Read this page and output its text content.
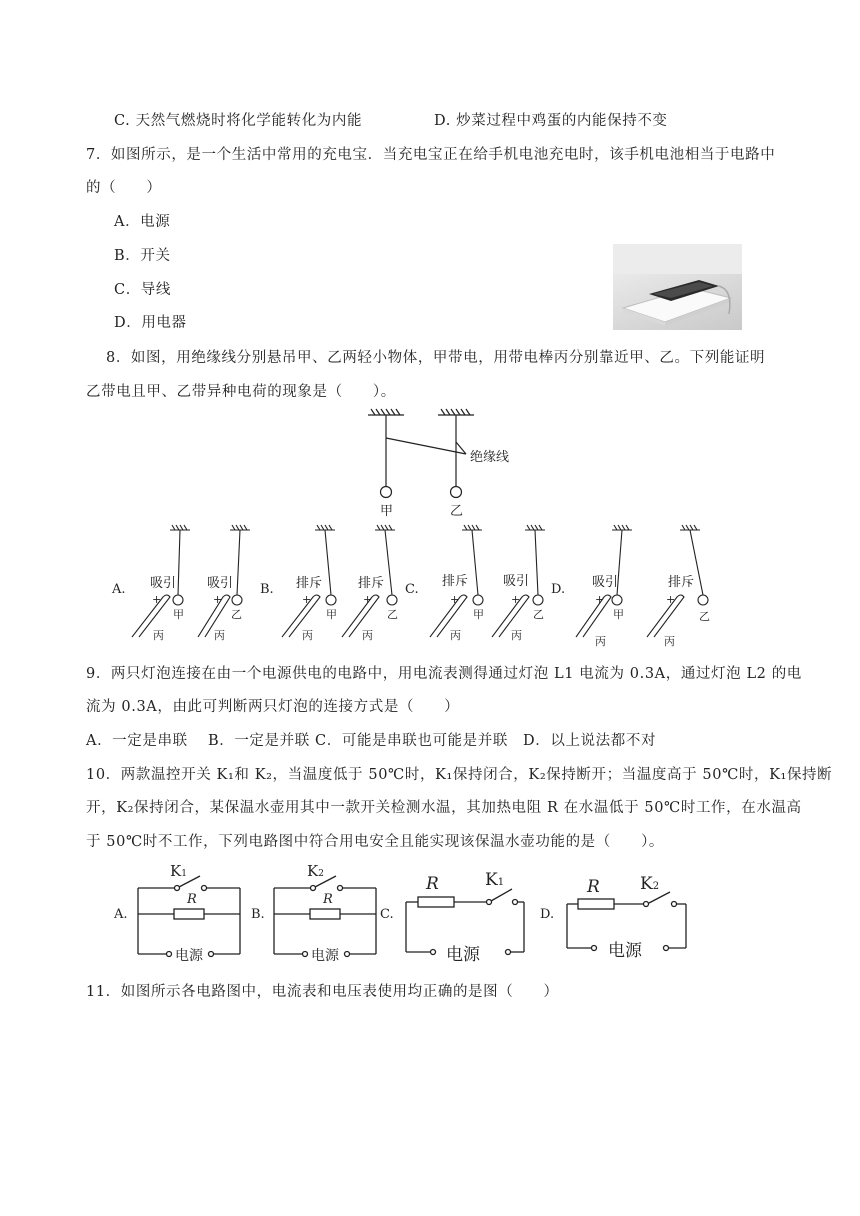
C. 天然气燃烧时将化学能转化为内能	D. 炒菜过程中鸡蛋的内能保持不变
7．如图所示，是一个生活中常用的充电宝．当充电宝正在给手机电池充电时，该手机电池相当于电路中
的（　　）
A．电源
B．开关
C．导线
D．用电器
8．如图，用绝缘线分别悬吊甲、乙两轻小物体，甲带电，用带电棒丙分别靠近甲、乙。下列能证明
乙带电且甲、乙带异种电荷的现象是（　　）。
绝缘线
甲	乙
A.	B.	C.	D.
吸引 吸引	排斥	排斥	排斥	吸引	吸引	排斥
+	+	+	+	+	+	+	+
甲	乙	甲	乙	甲	乙	甲	乙
丙	丙	丙	丙	丙	丙	丙	丙
9．两只灯泡连接在由一个电源供电的电路中，用电流表测得通过灯泡 L1 电流为 0.3A，通过灯泡 L2 的电
流为 0.3A，由此可判断两只灯泡的连接方式是（　　）
A．一定是串联　 B．一定是并联 C．可能是串联也可能是并联　D．以上说法都不对
10．两款温控开关 K₁和 K₂，当温度低于 50℃时，K₁保持闭合，K₂保持断开；当温度高于 50℃时，K₁保持断
开，K₂保持闭合，某保温水壶用其中一款开关检测水温，其加热电阻 R 在水温低于 50℃时工作，在水温高
于 50℃时不工作，下列电路图中符合用电安全且能实现该保温水壶功能的是（　　）。
A.	B.	C.	D.
K1
R
电源
K2
R
电源
R	K1
电源
R K2
电源
11．如图所示各电路图中，电流表和电压表使用均正确的是图（　　）
